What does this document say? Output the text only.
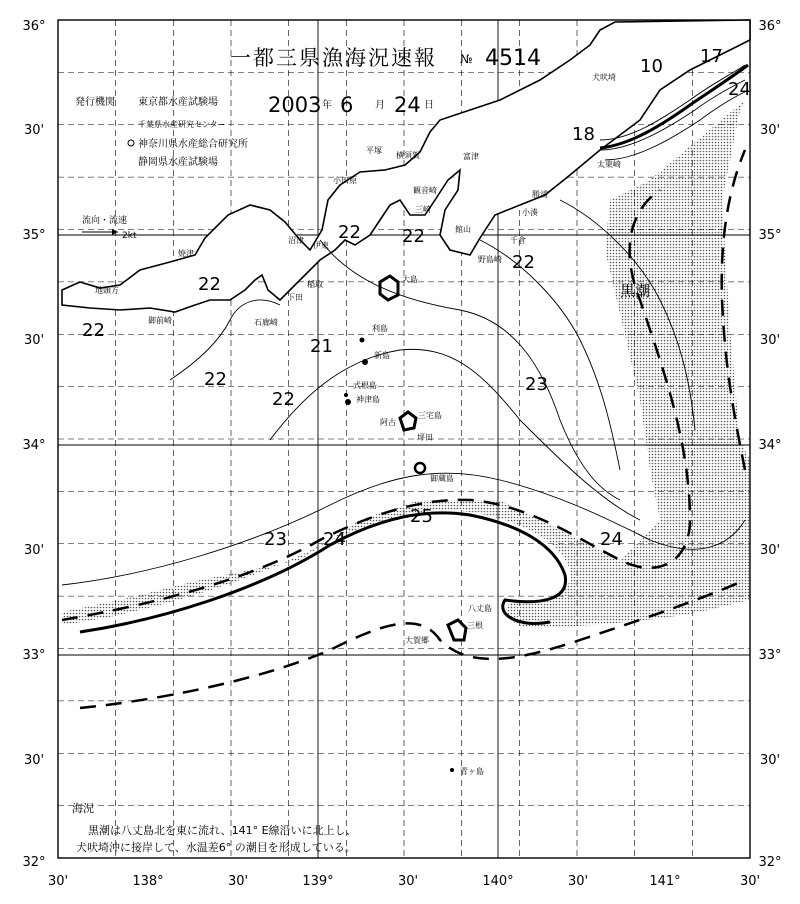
一都三県漁海況速報 № 4514
2003 年 6 月 24 日
発行機関 東京都水産試験場
千葉県水産研究センター
神奈川県水産総合研究所
静岡県水産試験場
流向・流速
2kt
36°
30'
35°
30'
34°
30'
33°
30'
32°
36°
30'
35°
30'
34°
30'
33°
30'
32°
30'	138°	30'	139°	30'	140°	30'	141°	30'
10 17
24
18
22 22
22
22
22
21
22
22
23
23 24
25
24
黒潮
犬吠埼
太東崎
平塚
横須賀	富津
小田原
観音崎	勝浦
三崎	小湊
館山
千倉
野島崎
沼津
伊東
稲取
下田
大島
焼津
御前崎
地頭方
石廊崎
利島
新島
式根島
神津島
三宅島
阿古
坪田
御蔵島
八丈島
三根
大賀郷
青ヶ島
海況
黒潮は八丈島北を東に流れ、141° E線沿いに北上し、
犬吠埼沖に接岸して、水温差6° の潮目を形成している。
